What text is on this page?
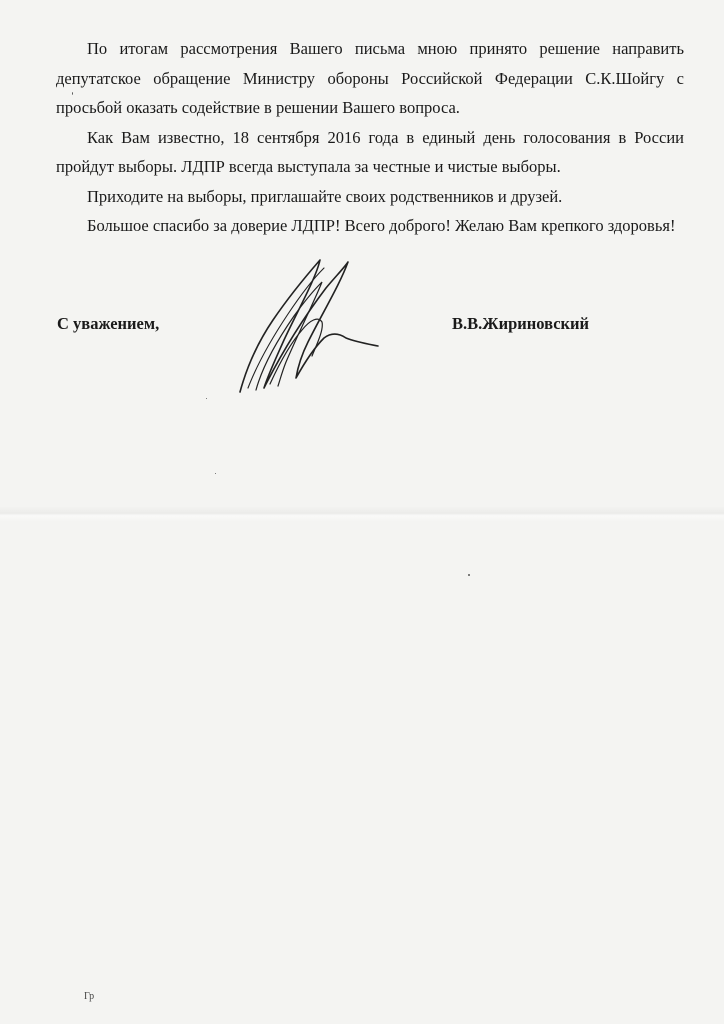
По итогам рассмотрения Вашего письма мною принято решение направить депутатское обращение Министру обороны Российской Федерации С.К.Шойгу с просьбой оказать содействие в решении Вашего вопроса.

Как Вам известно, 18 сентября 2016 года в единый день голосования в России пройдут выборы. ЛДПР всегда выступала за честные и чистые выборы.

Приходите на выборы, приглашайте своих родственников и друзей.

Большое спасибо за доверие ЛДПР! Всего доброго! Желаю Вам крепкого здоровья!

С уважением,	В.В.Жириновский
Гр
